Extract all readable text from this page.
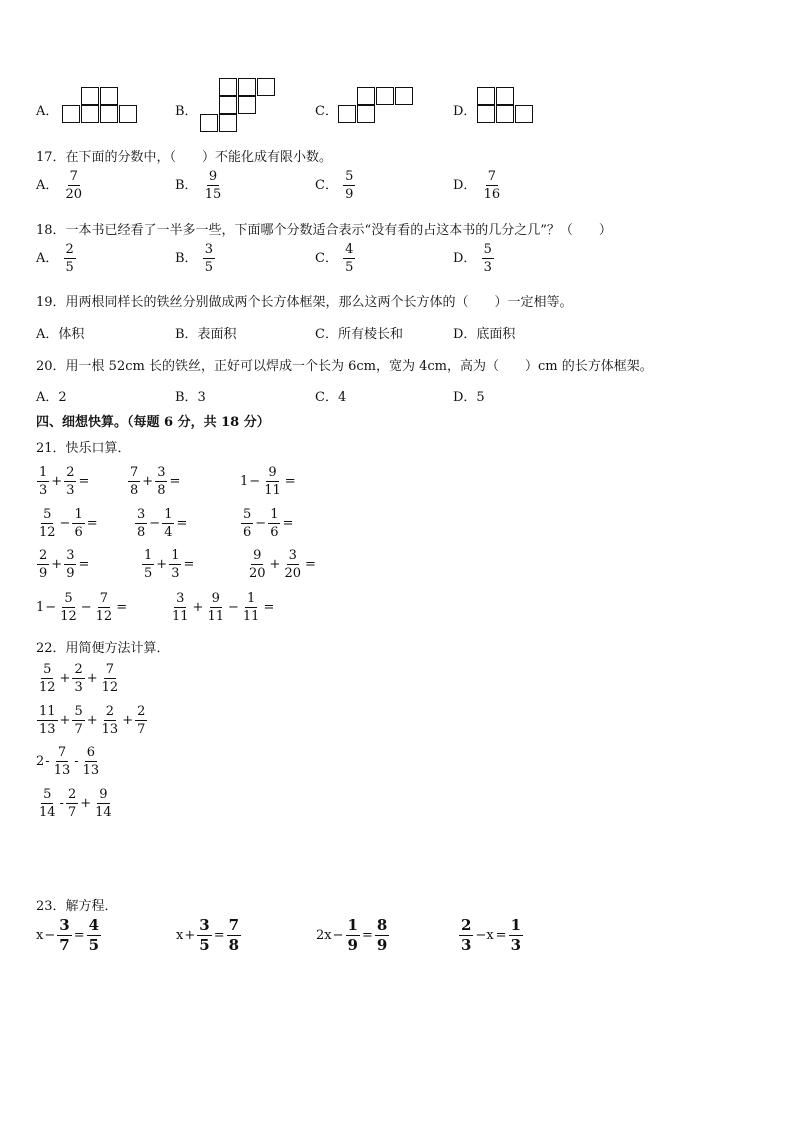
A．	B．	C．	D．
17．在下面的分数中，（　　）不能化成有限小数。
A． $\frac{7}{20}$	B． $\frac{9}{15}$	C． $\frac{5}{9}$	D． $\frac{7}{16}$
18．一本书已经看了一半多一些，下面哪个分数适合表示“没有看的占这本书的几分之几”？（　　）
A． $\frac{2}{5}$	B． $\frac{3}{5}$	C． $\frac{4}{5}$	D． $\frac{5}{3}$
19．用两根同样长的铁丝分别做成两个长方体框架，那么这两个长方体的（　　）一定相等。
A．体积	B．表面积	C．所有棱长和	D．底面积
20．用一根 52cm 长的铁丝，正好可以焊成一个长为 6cm，宽为 4cm，高为（　　）cm 的长方体框架。
A．2	B．3	C．4	D．5
四、细想快算。（每题 6 分，共 18 分）
21．快乐口算．
$\frac{1}{3} + \frac{2}{3}$ =	$\frac{7}{8} + \frac{3}{8}$ =	$1 - \frac{9}{11}$ =
$\frac{5}{12} - \frac{1}{6}$ =	$\frac{3}{8} - \frac{1}{4}$ =	$\frac{5}{6} - \frac{1}{6}$ =
$\frac{2}{9} + \frac{3}{9}$ =	$\frac{1}{5} + \frac{1}{3}$ =	$\frac{9}{20} + \frac{3}{20}$ =
$1 - \frac{5}{12} - \frac{7}{12}$ =	$\frac{3}{11} + \frac{9}{11} - \frac{1}{11}$ =
22．用简便方法计算．
$\frac{5}{12} + \frac{2}{3} + \frac{7}{12}$
$\frac{11}{13} + \frac{5}{7} + \frac{2}{13} + \frac{2}{7}$
$2 - \frac{7}{13} - \frac{6}{13}$
$\frac{5}{14} - \frac{2}{7} + \frac{9}{14}$
23．解方程．
$x - \frac{3}{7} = \frac{4}{5}$	$x + \frac{3}{5} = \frac{7}{8}$	$2x - \frac{1}{9} = \frac{8}{9}$	$\frac{2}{3} -x = \frac{1}{3}$
